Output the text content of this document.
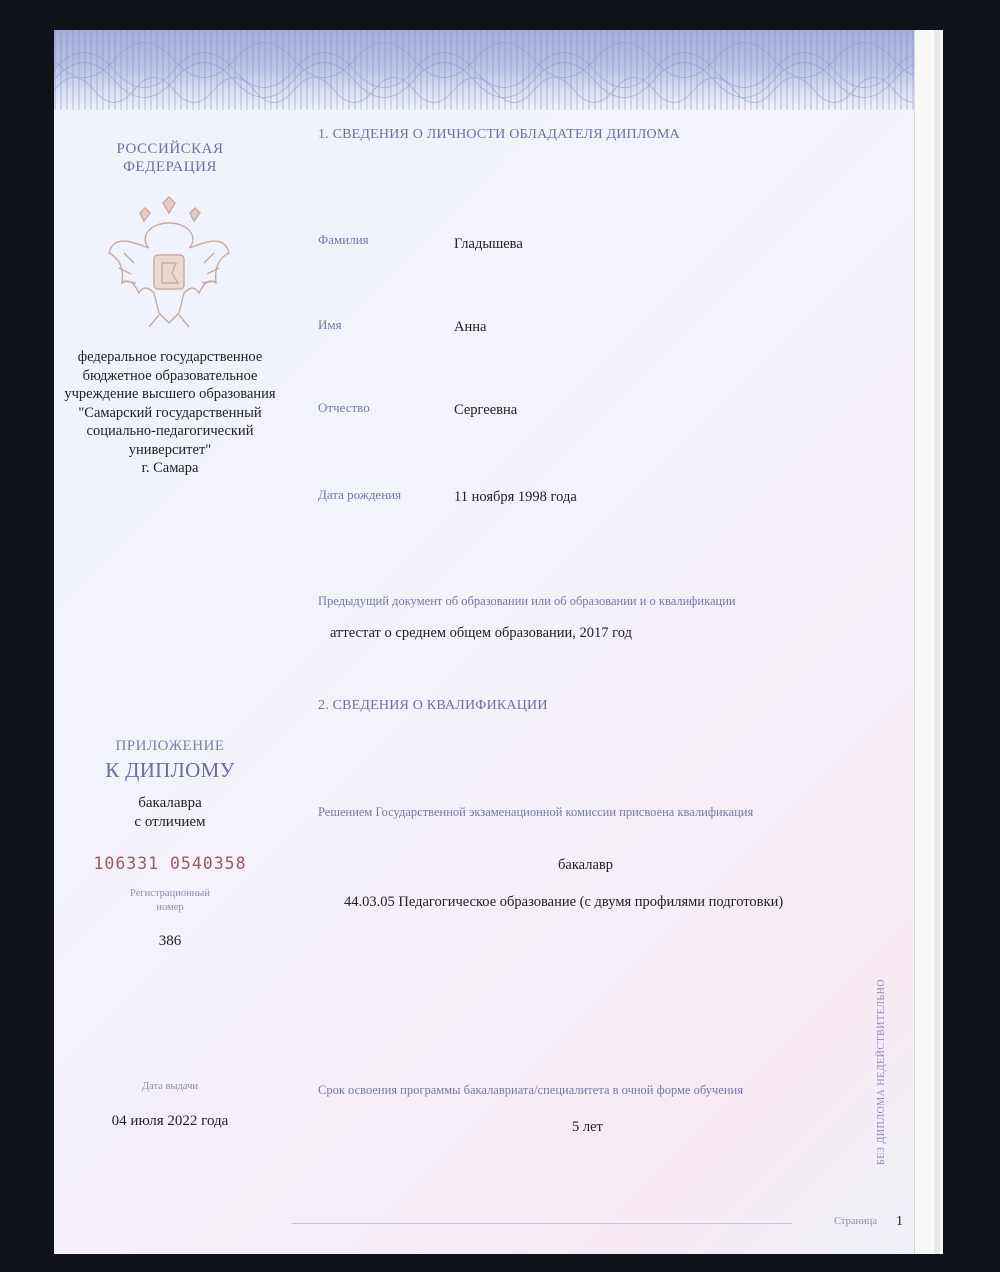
РОССИЙСКАЯ
ФЕДЕРАЦИЯ
федеральное государственное
бюджетное образовательное
учреждение высшего образования
"Самарский государственный
социально-педагогический
университет"
г. Самара
ПРИЛОЖЕНИЕ
К ДИПЛОМУ
бакалавра
с отличием
106331 0540358
Регистрационный
номер
386
Дата выдачи
04 июля 2022 года
1. СВЕДЕНИЯ О ЛИЧНОСТИ ОБЛАДАТЕЛЯ ДИПЛОМА
Фамилия	Гладышева
Имя	Анна
Отчество	Сергеевна
Дата рождения	11 ноября 1998 года
Предыдущий документ об образовании или об образовании и о квалификации
аттестат о среднем общем образовании, 2017 год
2. СВЕДЕНИЯ О КВАЛИФИКАЦИИ
Решением Государственной экзаменационной комиссии присвоена квалификация
бакалавр
44.03.05 Педагогическое образование (с двумя профилями подготовки)
Срок освоения программы бакалавриата/специалитета в очной форме обучения
5 лет	БЕЗ ДИПЛОМА НЕДЕЙСТВИТЕЛЬНО
Страница 1
